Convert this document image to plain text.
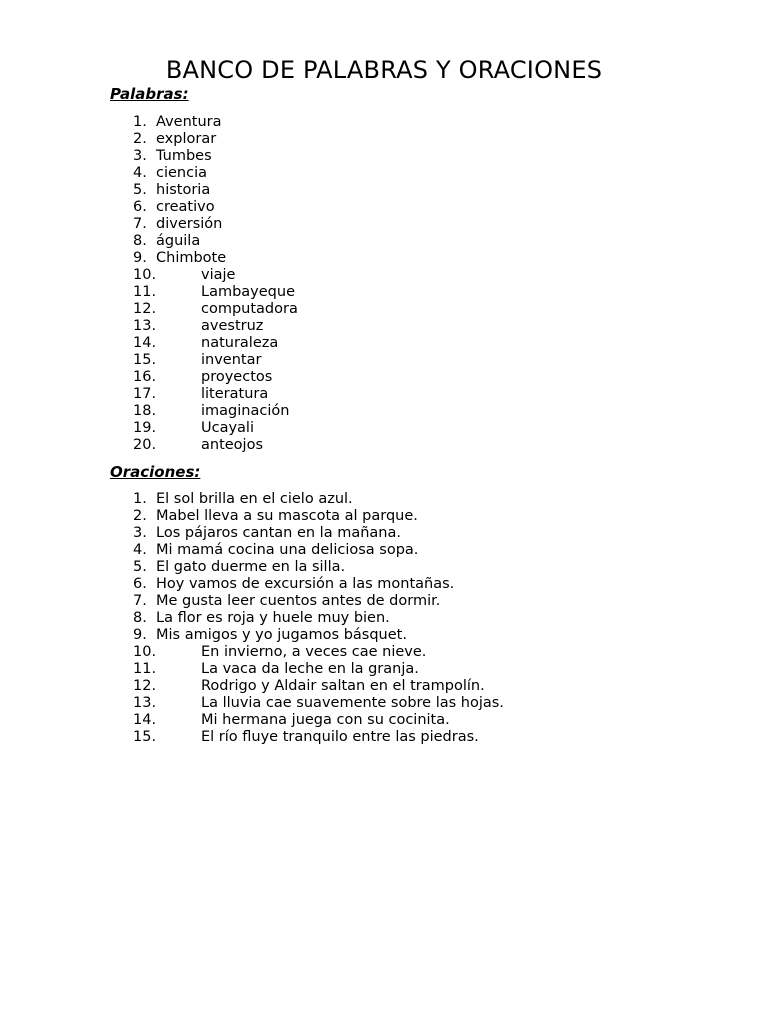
BANCO DE PALABRAS Y ORACIONES
Palabras:
1. Aventura
2. explorar
3. Tumbes
4. ciencia
5. historia
6. creativo
7. diversión
8. águila
9. Chimbote
10.	viaje
11.	Lambayeque
12.	computadora
13.	avestruz
14.	naturaleza
15.	inventar
16.	proyectos
17.	literatura
18.	imaginación
19.	Ucayali
20.	anteojos
Oraciones:
1. El sol brilla en el cielo azul.
2. Mabel lleva a su mascota al parque.
3. Los pájaros cantan en la mañana.
4. Mi mamá cocina una deliciosa sopa.
5. El gato duerme en la silla.
6. Hoy vamos de excursión a las montañas.
7. Me gusta leer cuentos antes de dormir.
8. La flor es roja y huele muy bien.
9. Mis amigos y yo jugamos básquet.
10.	En invierno, a veces cae nieve.
11.	La vaca da leche en la granja.
12.	Rodrigo y Aldair saltan en el trampolín.
13.	La lluvia cae suavemente sobre las hojas.
14.	Mi hermana juega con su cocinita.
15.	El río fluye tranquilo entre las piedras.
